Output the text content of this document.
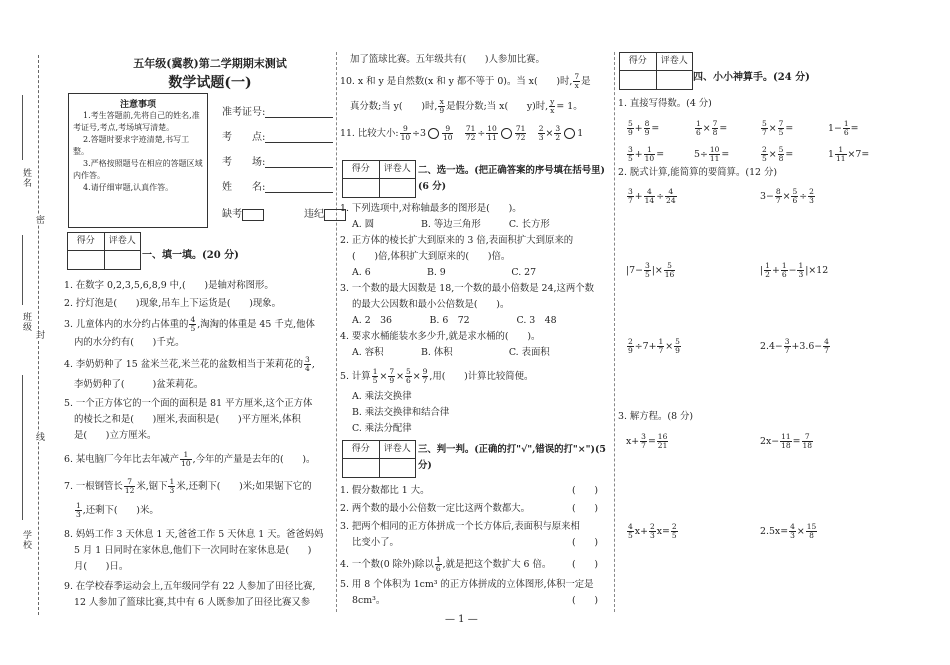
姓名
班级
学校
密
封
线
五年级(冀教)第二学期期末测试
数学试题(一)
注意事项
1.考生答题前,先将自己的姓名,准考证号,考点,考场填写清楚。
2.答题时要求字迹清楚,书写工整。
3.严格按照题号在相应的答题区域内作答。
4.请仔细审题,认真作答。
准考证号:
考　　点:
考　　场:
姓　　名:
缺考　　　　	违纪
得分	评卷人
一、填一填。(20 分)
1. 在数字 0,2,3,5,6,8,9 中,(　　)是轴对称图形。
2. 拧灯泡是(　　)现象,吊车上下运货是(　　)现象。
3. 儿童体内的水分约占体重的 $\frac{4}{5}$ ,淘淘的体重是 45 千克,他体
内的水分约有(　　)千克。
4. 李奶奶种了 15 盆米兰花,米兰花的盆数相当于茉莉花的 $\frac{3}{4}$ ,
李奶奶种了(　　　)盆茉莉花。
5. 一个正方体它的一个面的面积是 81 平方厘米,这个正方体
的棱长之和是(　　)厘米,表面积是(　　)平方厘米,体积
是(　　)立方厘米。
6. 某电脑厂今年比去年减产 $\frac{1}{10}$ ,今年的产量是去年的(　　)。
7. 一根钢管长 $\frac{7}{12}$ 米,锯下 $\frac{1}{3}$ 米,还剩下(　　)米;如果锯下它的
$\frac{1}{3}$ ,还剩下(　　)米。
8. 妈妈工作 3 天休息 1 天,爸爸工作 5 天休息 1 天。爸爸妈妈
5 月 1 日同时在家休息,他们下一次同时在家休息是(　　)
月(　　)日。
9. 在学校春季运动会上,五年级同学有 22 人参加了田径比赛,
12 人参加了篮球比赛,其中有 6 人既参加了田径比赛又参
加了篮球比赛。五年级共有(　　)人参加比赛。
10. x 和 y 是自然数(x 和 y 都不等于 0)。当 x(　　)时, $\frac{7}{x}$ 是
真分数;当 y(　　)时, $\frac{x}{9}$ 是假分数;当 x(　　y)时, $\frac{y}{x} = 1$。
11. 比较大小: $\frac{9}{10} \div 3 \frac{9}{10}$
　 $\frac{71}{72} \div \frac{10}{11} \frac{71}{72}$
　 $\frac{2}{3} \times \frac{3}{2} 1$
得分	评卷人 二、选一选。(把正确答案的序号填在括号里)(6 分)
1. 下列选项中,对称轴最多的图形是(　　)。
A. 圆　　　　　B. 等边三角形　　　C. 长方形
2. 正方体的棱长扩大到原来的 3 倍,表面积扩大到原来的
(　　)倍,体积扩大到原来的(　　)倍。
A. 6　　　　　　B. 9　　　　　　　C. 27
3. 一个数的最大因数是 18,一个数的最小倍数是 24,这两个数
的最大公因数和最小公倍数是(　　)。
A. 2　36　　　　B. 6　72　　　　　C. 3　48
4. 要求水桶能装水多少升,就是求水桶的(　　)。
A. 容积　　　　B. 体积　　　　　　C. 表面积
5. 计算 $\frac{1}{5} \times \frac{7}{9} \times \frac{5}{6} \times \frac{9}{7}$ ,用(　　)计算比较简便。
A. 乘法交换律
B. 乘法交换律和结合律
C. 乘法分配律
得分	评卷人 三、判一判。(正确的打"√",错误的打"×")(5 分)
1. 假分数都比 1 大。	(　　)
2. 两个数的最小公倍数一定比这两个数都大。	(　　)
3. 把两个相同的正方体拼成一个长方体后,表面积与原来相
比变小了。	(　　)
4. 一个数(0 除外)除以 $\frac{1}{6}$ ,就是把这个数扩大 6 倍。 (　　)
5. 用 8 个体积为 1cm³ 的正方体拼成的立体图形,体积一定是
8cm³。	(　　)
得分	评卷人
四、小小神算手。(24 分)
1. 直接写得数。(4 分)
$\frac{5}{9} + \frac{8}{9}$ =	$\frac{1}{6} \times \frac{7}{8}$ =	$\frac{5}{7} \times \frac{7}{5}$ =	$1- \frac{1}{6}$ =
$\frac{3}{5} + \frac{1}{10}$ =	$5\div \frac{10}{11}$ =	$\frac{2}{5} \times \frac{5}{8}$ =	$1 \frac{1}{11} \times 7=$
2. 脱式计算,能简算的要简算。(12 分)
$\frac{3}{7} + \frac{4}{14} \div \frac{4}{24}$	$3- \frac{8}{7} \times \frac{5}{6} \div \frac{2}{3}$
$|7- \frac{3}{5}$ |× $\frac{5}{16}$	| $\frac{1}{2} + \frac{1}{6} - \frac{1}{3} |\times 12$
$\frac{2}{9} \div 7+ \frac{1}{7} \times \frac{5}{9}$	$2.4- \frac{3}{7} +3.6- \frac{4}{7}$
3. 解方程。(8 分)
$x+ \frac{3}{7} = \frac{16}{21}$	$2x- \frac{11}{18} = \frac{7}{18}$
$\frac{4}{5} x+ \frac{2}{3} x= \frac{2}{5}$	$2.5x= \frac{4}{3} \times \frac{15}{8}$
— 1 —
